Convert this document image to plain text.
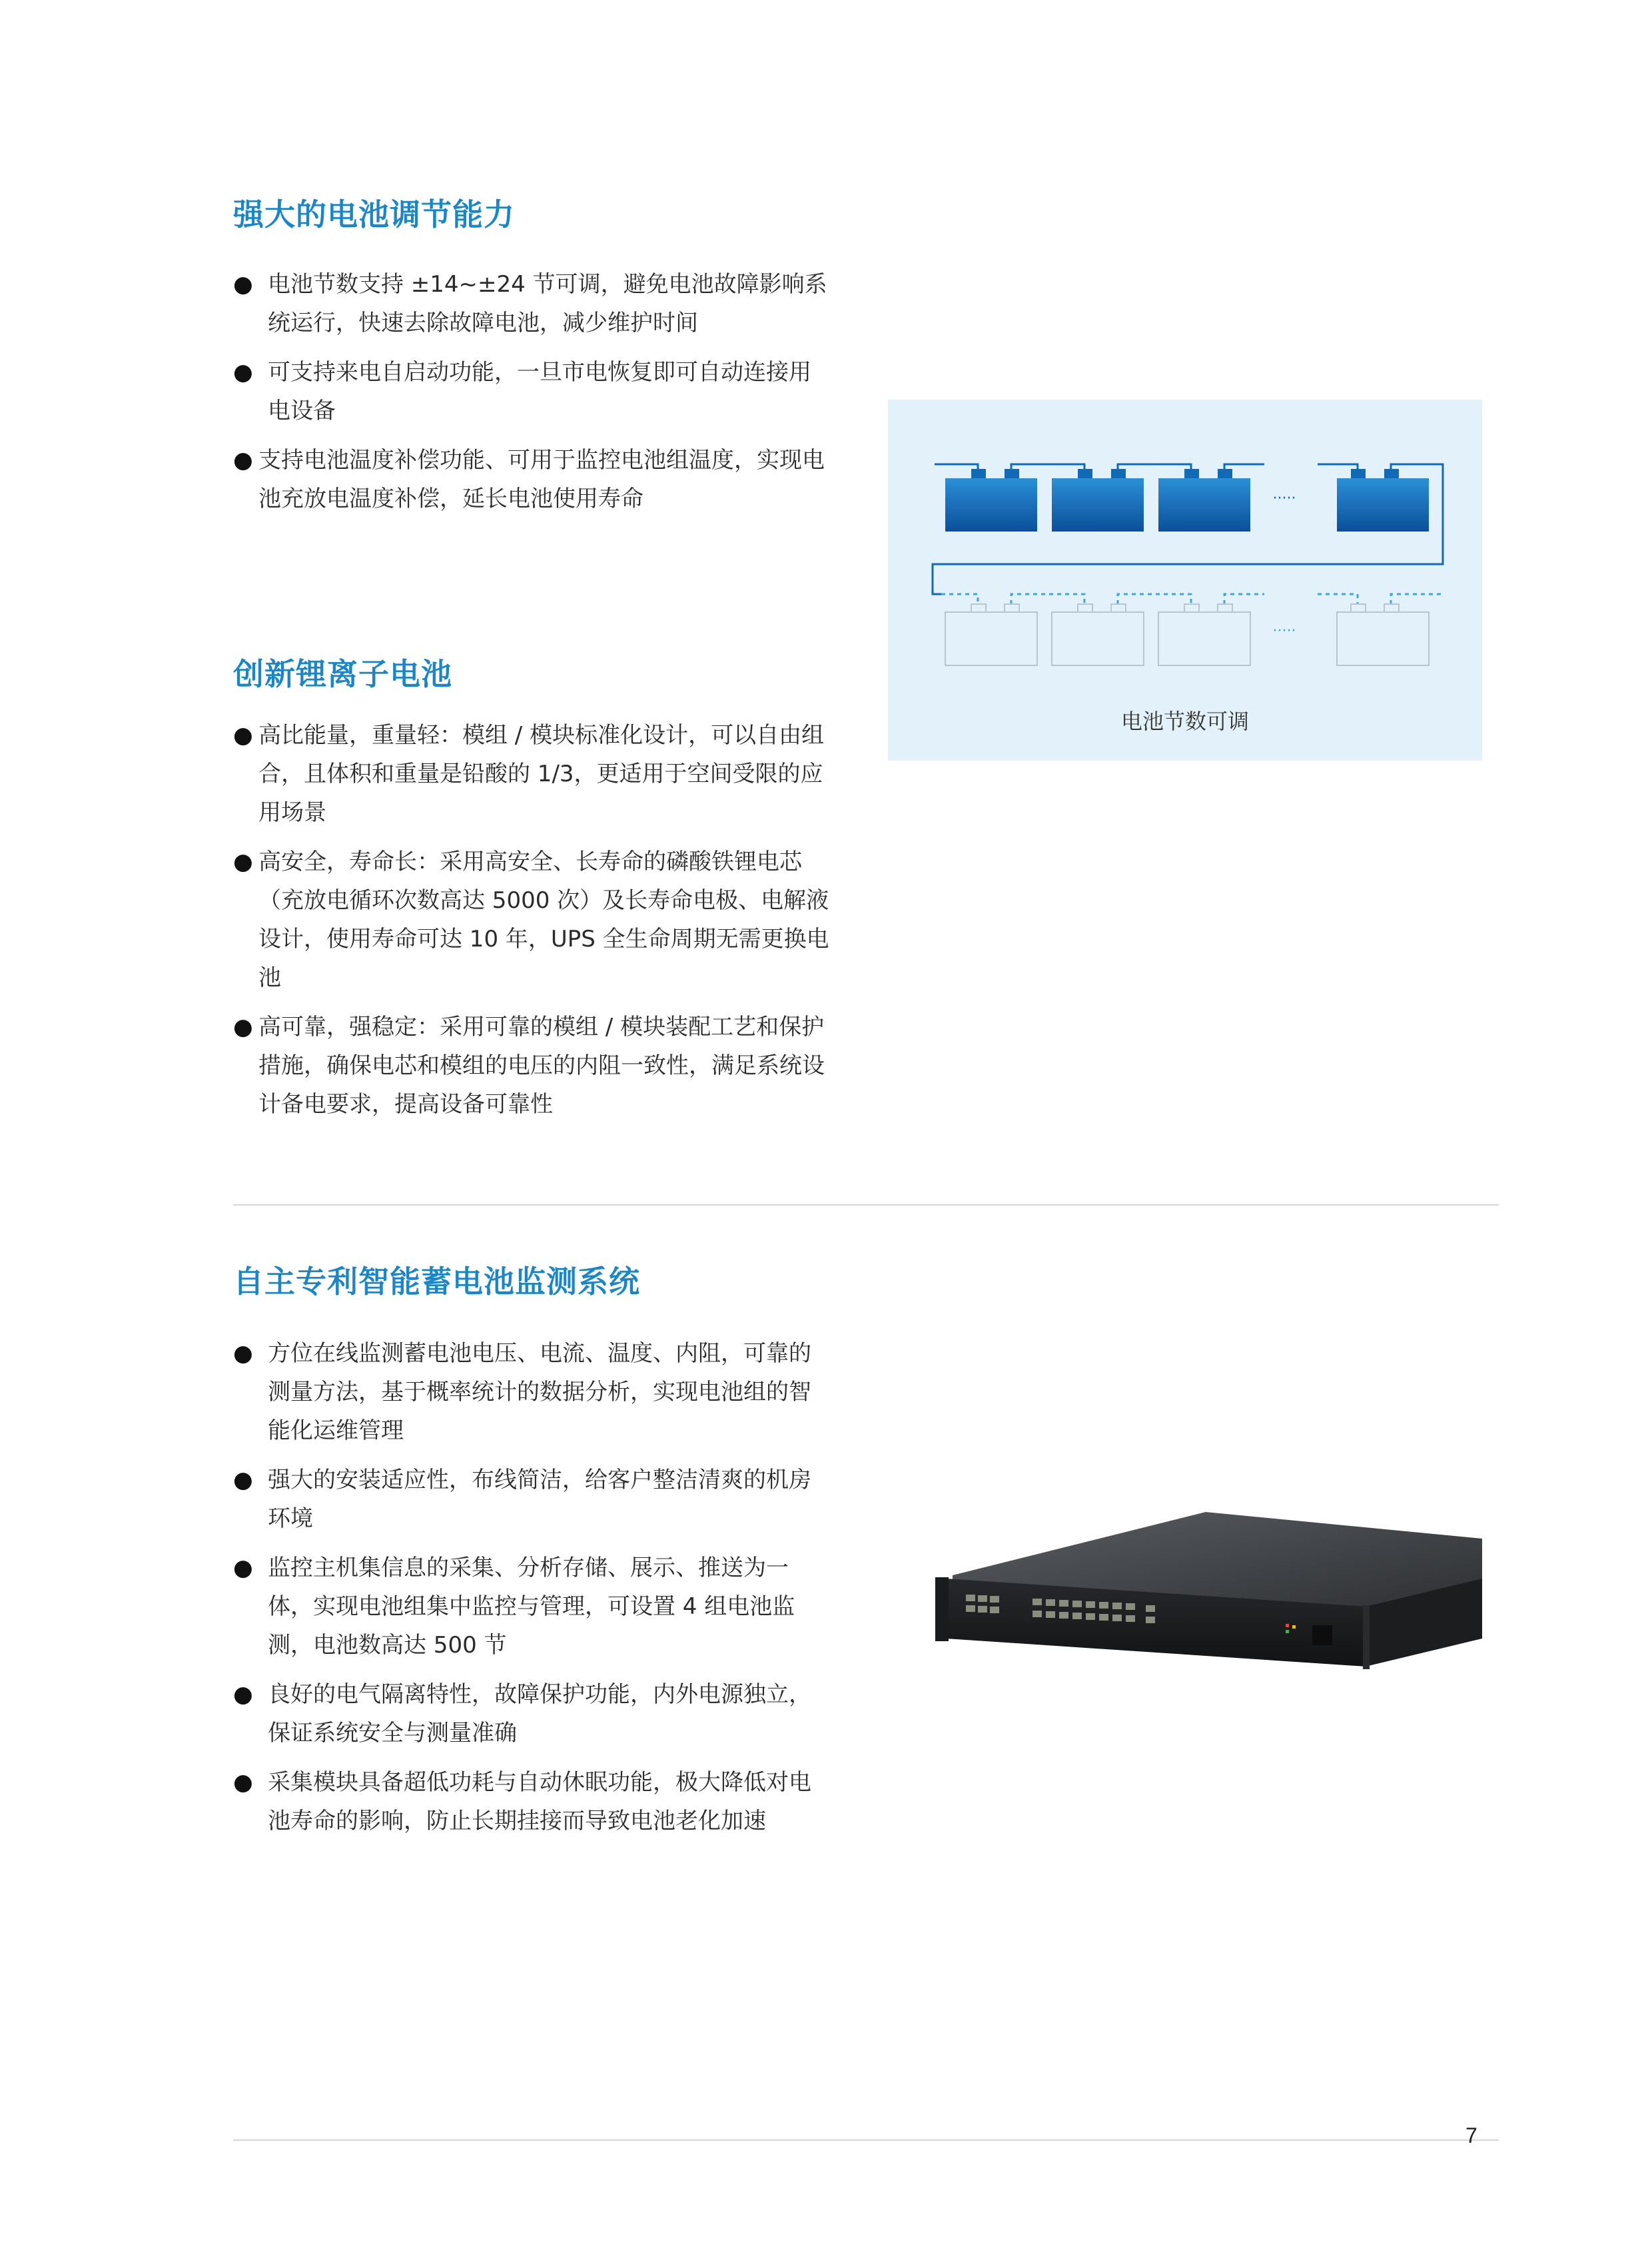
强大的电池调节能力
● 电池节数支持 ±14~±24 节可调，避免电池故障影响系统运行，快速去除故障电池，减少维护时间
● 可支持来电自启动功能，一旦市电恢复即可自动连接用电设备
● 支持电池温度补偿功能、可用于监控电池组温度，实现电池充放电温度补偿，延长电池使用寿命	·····
·····
电池节数可调
创新锂离子电池
● 高比能量，重量轻：模组 / 模块标准化设计，可以自由组合，且体积和重量是铅酸的 1/3，更适用于空间受限的应用场景
● 高安全，寿命长：采用高安全、长寿命的磷酸铁锂电芯（充放电循环次数高达 5000 次）及长寿命电极、电解液设计，使用寿命可达 10 年，UPS 全生命周期无需更换电池
● 高可靠，强稳定：采用可靠的模组 / 模块装配工艺和保护措施，确保电芯和模组的电压的内阻一致性，满足系统设计备电要求，提高设备可靠性
自主专利智能蓄电池监测系统
● 方位在线监测蓄电池电压、电流、温度、内阻，可靠的测量方法，基于概率统计的数据分析，实现电池组的智能化运维管理
● 强大的安装适应性，布线简洁，给客户整洁清爽的机房环境
● 监控主机集信息的采集、分析存储、展示、推送为一体，实现电池组集中监控与管理，可设置 4 组电池监测，电池数高达 500 节
● 良好的电气隔离特性，故障保护功能，内外电源独立，保证系统安全与测量准确
● 采集模块具备超低功耗与自动休眠功能，极大降低对电池寿命的影响，防止长期挂接而导致电池老化加速
7
